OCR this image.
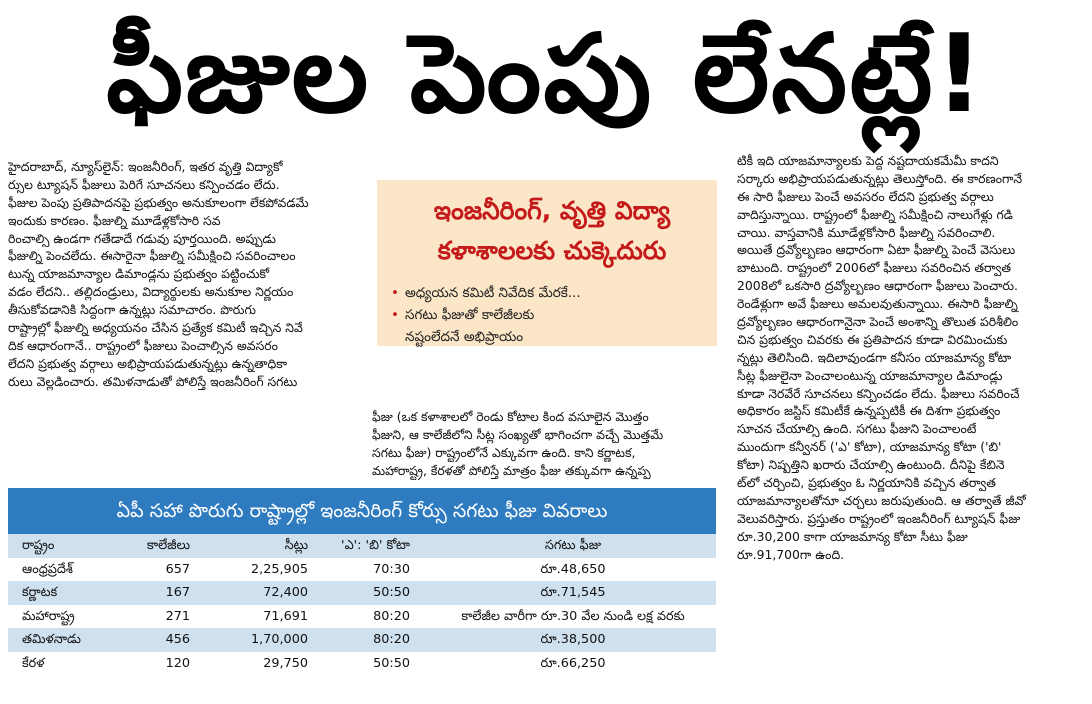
ఫీజుల పెంపు లేనట్లే!
హైదరాబాద్, న్యూస్‌లైన్: ఇంజనీరింగ్, ఇతర వృత్తి విద్యాకో
ర్సుల ట్యూషన్ ఫీజులు పెరిగే సూచనలు కన్పించడం లేదు.
ఫీజుల పెంపు ప్రతిపాదనపై ప్రభుత్వం అనుకూలంగా లేకపోవడమే
ఇందుకు కారణం. ఫీజుల్ని మూడేళ్లకోసారి సవ
రించాల్సి ఉండగా గతేడాదే గడువు పూర్తయింది. అప్పుడు
ఫీజుల్ని పెంచలేదు. ఈసారైనా ఫీజుల్ని సమీక్షించి సవరించాలం
టున్న యాజమాన్యాల డిమాండ్లను ప్రభుత్వం పట్టించుకో
వడం లేదని.. తల్లిదండ్రులు, విద్యార్థులకు అనుకూల నిర్ణయం
తీసుకోవడానికి సిద్ధంగా ఉన్నట్లు సమాచారం. పొరుగు
రాష్ట్రాల్లో ఫీజుల్ని అధ్యయనం చేసిన ప్రత్యేక కమిటీ ఇచ్చిన నివే
దిక ఆధారంగానే.. రాష్ట్రంలో ఫీజులు పెంచాల్సిన అవసరం
లేదని ప్రభుత్వ వర్గాలు అభిప్రాయపడుతున్నట్లు ఉన్నతాధికా
రులు వెల్లడించారు. తమిళనాడుతో పోలిస్తే ఇంజనీరింగ్ సగటు
ఇంజనీరింగ్, వృత్తి విద్యా
కళాశాలలకు చుక్కెదురు
• అధ్యయన కమిటీ నివేదిక మేరకే...
• సగటు ఫీజుతో కాలేజీలకు
నష్టంలేదనే అభిప్రాయం
ఫీజు (ఒక కళాశాలలో రెండు కోటాల కింద వసూలైన మొత్తం
ఫీజుని, ఆ కాలేజీలోని సీట్ల సంఖ్యతో భాగించగా వచ్చే మొత్తమే
సగటు ఫీజు) రాష్ట్రంలోనే ఎక్కువగా ఉంది. కాని కర్ణాటక,
మహారాష్ట్ర, కేరళతో పోలిస్తే మాత్రం ఫీజు తక్కువగా ఉన్నప్ప
టికీ ఇది యాజమాన్యాలకు పెద్ద నష్టదాయకమేమీ కాదని
సర్కారు అభిప్రాయపడుతున్నట్లు తెలుస్తోంది. ఈ కారణంగానే
ఈ సారి ఫీజులు పెంచే అవసరం లేదని ప్రభుత్వ వర్గాలు
వాదిస్తున్నాయి. రాష్ట్రంలో ఫీజుల్ని సమీక్షించి నాలుగేళ్లు గడి
చాయి. వాస్తవానికి మూడేళ్లకోసారి ఫీజుల్ని సవరించాలి.
అయితే ద్రవ్యోల్బణం ఆధారంగా ఏటా ఫీజుల్ని పెంచే వెసులు
బాటుంది. రాష్ట్రంలో 2006లో ఫీజులు సవరించిన తర్వాత
2008లో ఒకసారి ద్రవ్యోల్బణం ఆధారంగా ఫీజులు పెంచారు.
రెండేళ్లుగా అవే ఫీజులు అమలవుతున్నాయి. ఈసారి ఫీజుల్ని
ద్రవ్యోల్బణం ఆధారంగానైనా పెంచే అంశాన్ని తొలుత పరిశీలిం
చిన ప్రభుత్వం చివరకు ఈ ప్రతిపాదన కూడా విరమించుకు
న్నట్లు తెలిసింది. ఇదిలావుండగా కనీసం యాజమాన్య కోటా
సీట్ల ఫీజులైనా పెంచాలంటున్న యాజమాన్యాల డిమాండ్లు
కూడా నెరవేరే సూచనలు కన్పించడం లేదు. ఫీజులు సవరించే
అధికారం జస్టిస్ కమిటీకే ఉన్నప్పటికీ ఈ దిశగా ప్రభుత్వం
సూచన చేయాల్సి ఉంది. సగటు ఫీజుని పెంచాలంటే
ముందుగా కన్వీనర్ ('ఎ' కోటా), యాజమాన్య కోటా ('బి'
కోటా) నిష్పత్తిని ఖరారు చేయాల్సి ఉంటుంది. దీనిపై కేబినె
ట్‌లో చర్చించి, ప్రభుత్వం ఓ నిర్ణయానికి వచ్చిన తర్వాత
యాజమాన్యాలతోనూ చర్చలు జరుపుతుంది. ఆ తర్వాతే జీవో
వెలువరిస్తారు. ప్రస్తుతం రాష్ట్రంలో ఇంజనీరింగ్ ట్యూషన్ ఫీజు
రూ.30,200 కాగా యాజమాన్య కోటా సీటు ఫీజు
రూ.91,700గా ఉంది.
ఏపీ సహా పొరుగు రాష్ట్రాల్లో ఇంజనీరింగ్ కోర్సు సగటు ఫీజు వివరాలు
రాష్ట్రం	కాలేజీలు	సీట్లు	'ఎ': 'బి' కోటా	సగటు ఫీజు
ఆంధ్రప్రదేశ్	657	2,25,905	70:30	రూ.48,650
కర్ణాటక	167	72,400	50:50	రూ.71,545
మహారాష్ట్ర	271	71,691	80:20	కాలేజీల వారీగా రూ.30 వేల నుండి లక్ష వరకు
తమిళనాడు	456	1,70,000	80:20	రూ.38,500
కేరళ	120	29,750	50:50	రూ.66,250
